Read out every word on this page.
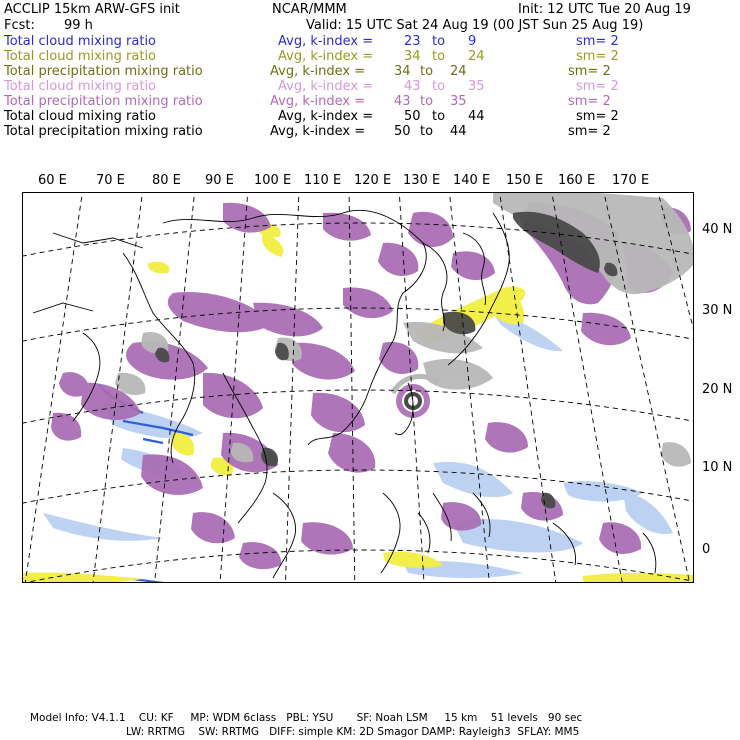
ACCLIP 15km ARW-GFS init	NCAR/MMM	Init: 12 UTC Tue 20 Aug 19
Fcst: 99 h	Valid: 15 UTC Sat 24 Aug 19 (00 JST Sun 25 Aug 19)
Total cloud mixing ratio	Avg, k-index = 23 to 9	sm= 2
Total cloud mixing ratio	Avg, k-index = 34 to 24	sm= 2
Total precipitation mixing ratio	Avg, k-index = 34 to 24	sm= 2
Total cloud mixing ratio	Avg, k-index = 43 to 35	sm= 2
Total precipitation mixing ratio	Avg, k-index = 43 to 35	sm= 2
Total cloud mixing ratio	Avg, k-index = 50 to 44	sm= 2
Total precipitation mixing ratio	Avg, k-index = 50 to 44	sm= 2
60 E 70 E 80 E 90 E 100 E 110 E 120 E 130 E 140 E 150 E 160 E 170 E
40 N
30 N
20 N
10 N
0
Model Info: V4.1.1    CU: KF     MP: WDM 6class   PBL: YSU       SF: Noah LSM     15 km    51 levels   90 sec
LW: RRTMG    SW: RRTMG   DIFF: simple KM: 2D Smagor DAMP: Rayleigh3  SFLAY: MM5
